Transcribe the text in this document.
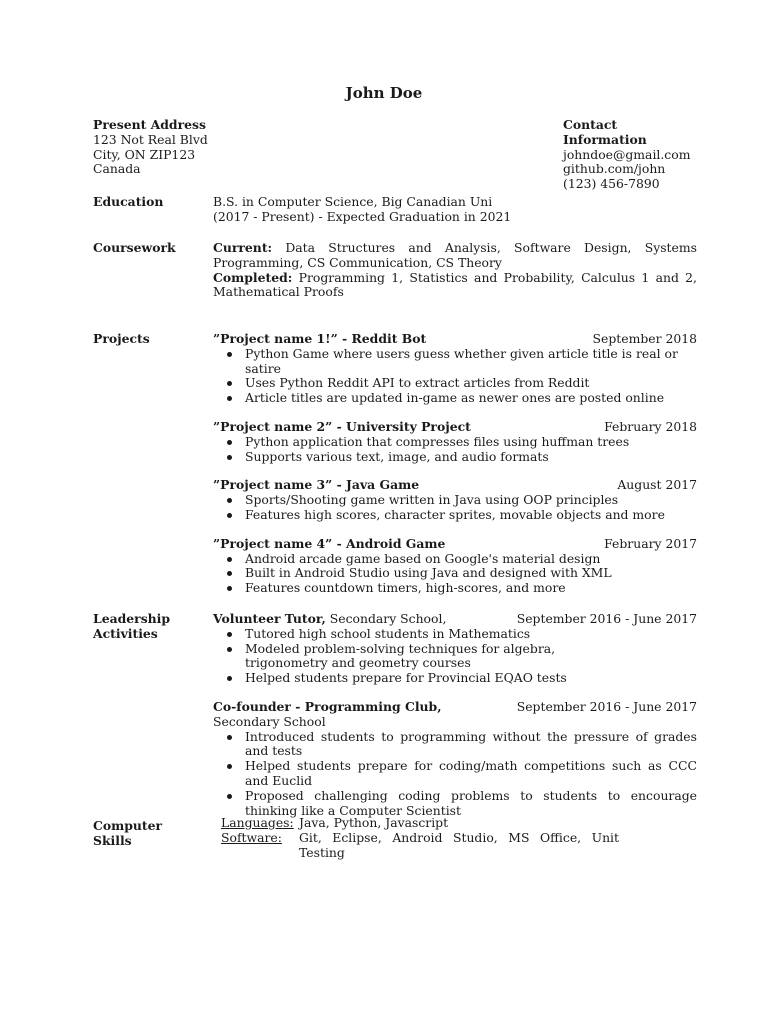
John Doe
Present Address
123 Not Real Blvd
City, ON ZIP123
Canada
Contact Information
johndoe@gmail.com
github.com/john
(123) 456-7890
Education	B.S. in Computer Science, Big Canadian Uni
(2017 - Present) - Expected Graduation in 2021
Coursework	Current: Data Structures and Analysis, Software Design, Systems Programming, CS Communication, CS Theory
Completed: Programming 1, Statistics and Probability, Calculus 1 and 2, Mathematical Proofs
Projects	”Project name 1!” - Reddit Bot	September 2018
Python Game where users guess whether given article title is real or satire
Uses Python Reddit API to extract articles from Reddit
Article titles are updated in-game as newer ones are posted online
”Project name 2” - University Project	February 2018
Python application that compresses files using huffman trees
Supports various text, image, and audio formats
”Project name 3” - Java Game	August 2017
Sports/Shooting game written in Java using OOP principles
Features high scores, character sprites, movable objects and more
”Project name 4” - Android Game	February 2017
Android arcade game based on Google's material design
Built in Android Studio using Java and designed with XML
Features countdown timers, high-scores, and more
Leadership
Activities
Volunteer Tutor, Secondary School,	September 2016 - June 2017
Tutored high school students in Mathematics
Modeled problem-solving techniques for algebra, trigonometry and geometry courses
Helped students prepare for Provincial EQAO tests
Co-founder - Programming Club,	September 2016 - June 2017
Secondary School
Introduced students to programming without the pressure of grades and tests
Helped students prepare for coding/math competitions such as CCC and Euclid
Proposed challenging coding problems to students to encourage thinking like a Computer Scientist
Computer
Skills
Languages: Java, Python, Javascript
Software:	Git, Eclipse, Android Studio, MS Office, Unit Testing
